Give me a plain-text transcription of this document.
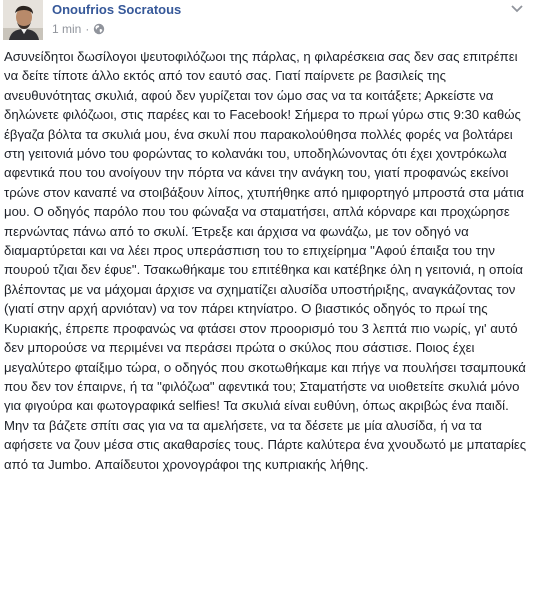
Onoufrios Socratous
1 min ·
Ασυνείδητοι δωσίλογοι ψευτοφιλόζωοι της πάρλας, η φιλαρέσκεια σας δεν σας επιτρέπει να δείτε τίποτε άλλο εκτός από τον εαυτό σας. Γιατί παίρνετε ρε βασιλείς της ανευθυνότητας σκυλιά, αφού δεν γυρίζεται τον ώμο σας να τα κοιτάξετε; Αρκείστε να δηλώνετε φιλόζωοι, στις παρέες και το Facebook! Σήμερα το πρωί γύρω στις 9:30 καθώς έβγαζα βόλτα τα σκυλιά μου, ένα σκυλί που παρακολούθησα πολλές φορές να βολτάρει στη γειτονιά μόνο του φορώντας το κολανάκι του, υποδηλώνοντας ότι έχει χοντρόκωλα αφεντικά που του ανοίγουν την πόρτα να κάνει την ανάγκη του, γιατί προφανώς εκείνοι τρώνε στον καναπέ να στοιβάξουν λίπος, χτυπήθηκε από ημιφορτηγό μπροστά στα μάτια μου. Ο οδηγός παρόλο που του φώναξα να σταματήσει, απλά κόρναρε και προχώρησε περνώντας πάνω από το σκυλί. Έτρεξε και άρχισα να φωνάζω, με τον οδηγό να διαμαρτύρεται και να λέει προς υπεράσπιση του το επιχείρημα "Αφού έπαιξα του την πουρού τζιαι δεν έφυε". Τσακωθήκαμε του επιτέθηκα και κατέβηκε όλη η γειτονιά, η οποία βλέποντας με να μάχομαι άρχισε να σχηματίζει αλυσίδα υποστήριξης, αναγκάζοντας τον (γιατί στην αρχή αρνιόταν) να τον πάρει κτηνίατρο. Ο βιαστικός οδηγός το πρωί της Κυριακής, έπρεπε προφανώς να φτάσει στον προορισμό του 3 λεπτά πιο νωρίς, γι' αυτό δεν μπορούσε να περιμένει να περάσει πρώτα ο σκύλος που σάστισε. Ποιος έχει μεγαλύτερο φταίξιμο τώρα, ο οδηγός που σκοτωθήκαμε και πήγε να πουλήσει τσαμπουκά που δεν τον έπαιρνε, ή τα "φιλόζωα" αφεντικά του; Σταματήστε να υιοθετείτε σκυλιά μόνο για φιγούρα και φωτογραφικά selfies! Τα σκυλιά είναι ευθύνη, όπως ακριβώς ένα παιδί. Μην τα βάζετε σπίτι σας για να τα αμελήσετε, να τα δέσετε με μία αλυσίδα, ή να τα αφήσετε να ζουν μέσα στις ακαθαρσίες τους. Πάρτε καλύτερα ένα χνουδωτό με μπαταρίες από τα Jumbo. Απαίδευτοι χρονογράφοι της κυπριακής λήθης.
